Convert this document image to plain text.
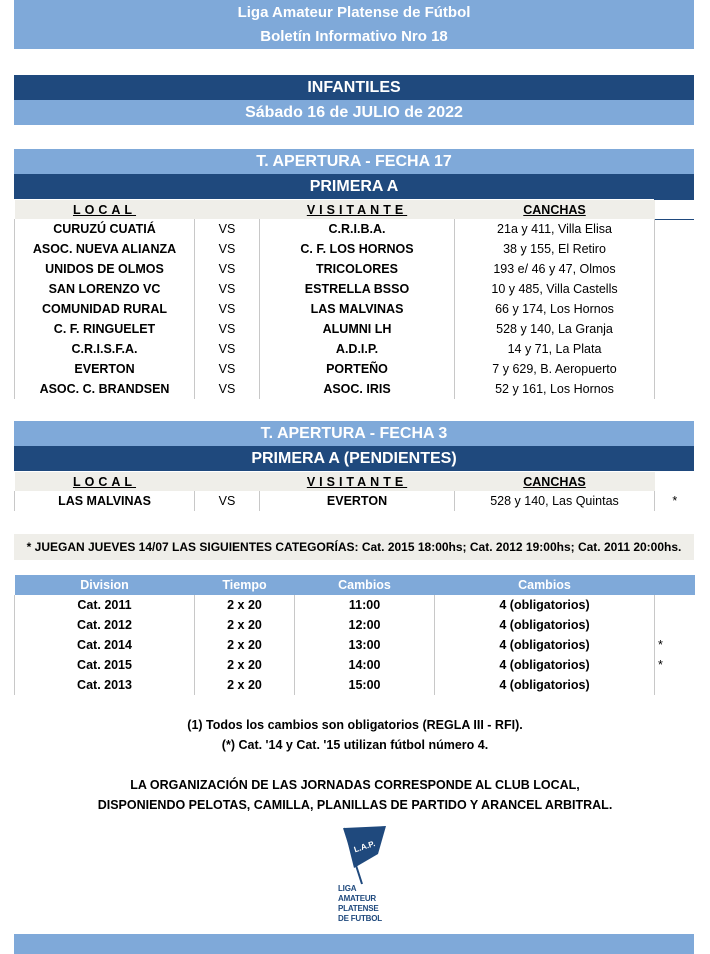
Liga Amateur Platense de Fútbol
Boletín Informativo Nro 18
INFANTILES
Sábado 16 de JULIO de 2022
T. APERTURA - FECHA 17
PRIMERA A
LOCAL		VISITANTE	CANCHAS	
CURUZÚ CUATIÁ	VS	C.R.I.B.A.	21a y 411, Villa Elisa	
ASOC. NUEVA ALIANZA	VS	C. F. LOS HORNOS	38 y 155, El Retiro	
UNIDOS DE OLMOS	VS	TRICOLORES	193 e/ 46 y 47, Olmos	
SAN LORENZO VC	VS	ESTRELLA BSSO	10 y 485, Villa Castells	
COMUNIDAD RURAL	VS	LAS MALVINAS	66 y 174, Los Hornos	
C. F. RINGUELET	VS	ALUMNI LH	528 y 140, La Granja	
C.R.I.S.F.A.	VS	A.D.I.P.	14 y 71, La Plata	
EVERTON	VS	PORTEÑO	7 y 629, B. Aeropuerto	
ASOC. C. BRANDSEN	VS	ASOC. IRIS	52 y 161, Los Hornos	
T. APERTURA - FECHA 3
PRIMERA A (PENDIENTES)
LOCAL		VISITANTE	CANCHAS	
LAS MALVINAS	VS	EVERTON	528 y 140, Las Quintas	*
* JUEGAN JUEVES 14/07 LAS SIGUIENTES CATEGORÍAS: Cat. 2015 18:00hs; Cat. 2012 19:00hs; Cat. 2011 20:00hs.
Division	Tiempo	Cambios	Cambios	
Cat. 2011	2 x 20	11:00	4 (obligatorios)	
Cat. 2012	2 x 20	12:00	4 (obligatorios)	
Cat. 2014	2 x 20	13:00	4 (obligatorios)	*
Cat. 2015	2 x 20	14:00	4 (obligatorios)	*
Cat. 2013	2 x 20	15:00	4 (obligatorios)	
(1) Todos los cambios son obligatorios (REGLA III - RFI).
(*) Cat. '14 y Cat. '15 utilizan fútbol número 4.
LA ORGANIZACIÓN DE LAS JORNADAS CORRESPONDE AL CLUB LOCAL,
DISPONIENDO PELOTAS, CAMILLA, PLANILLAS DE PARTIDO Y ARANCEL ARBITRAL.
L.A.P.
LIGA
AMATEUR
PLATENSE
DE FUTBOL
